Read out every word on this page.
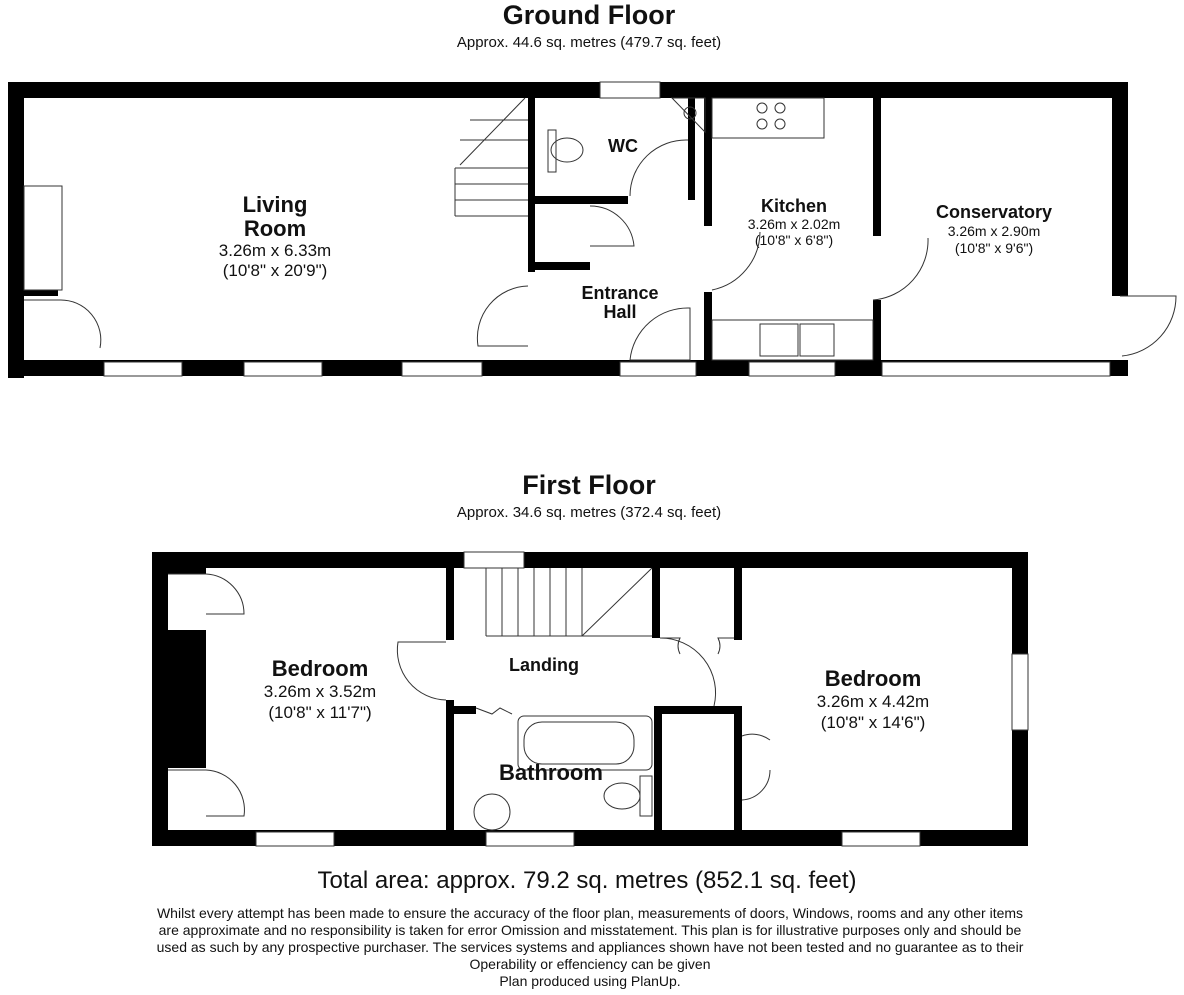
Ground Floor
Approx. 44.6 sq. metres (479.7 sq. feet)
Living
Room
3.26m x 6.33m
(10'8" x 20'9")
WC
Kitchen
3.26m x 2.02m
(10'8" x 6'8")
Conservatory
3.26m x 2.90m
(10'8" x 9'6")
Entrance
Hall
First Floor
Approx. 34.6 sq. metres (372.4 sq. feet)
Bedroom
3.26m x 3.52m
(10'8" x 11'7")
Landing
Bathroom
Bedroom
3.26m x 4.42m
(10'8" x 14'6")
Total area: approx. 79.2 sq. metres (852.1 sq. feet)
Whilst every attempt has been made to ensure the accuracy of the floor plan, measurements of doors, Windows, rooms and any other items
are approximate and no responsibility is taken for error Omission and misstatement. This plan is for illustrative purposes only and should be
used as such by any prospective purchaser. The services systems and appliances shown have not been tested and no guarantee as to their
Operability or effenciency can be given
Plan produced using PlanUp.
